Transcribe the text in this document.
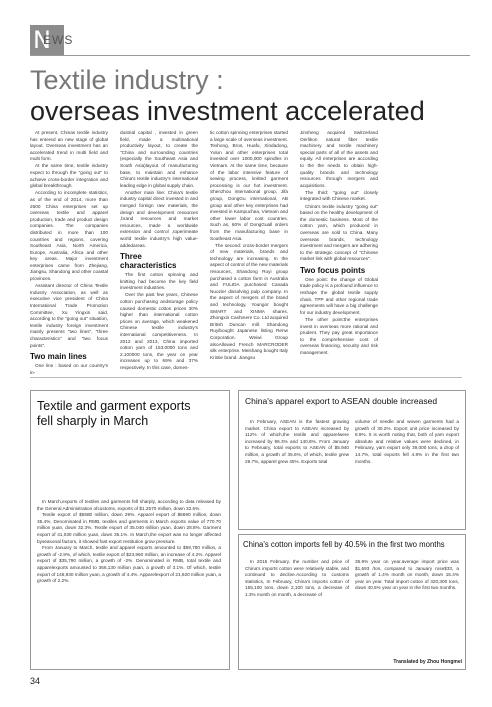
N
EWS
Textile industry :
overseas investment accelerated

At present, Chinas textile industry has entered an new stage of global layout. Overseas investment has an accelerated trend in multi field and multi form.

At the same time, textile industry expect to through the "going out" to achieve cross-border integration and global breakthrough.

According to incomplete statistics, as of the end of 2014, more than 2600 China enterprises set up overseas textile and apparel production, trade and product design companies. The companies distributed in more than 100 countries and regions, covering Southeast Asia, North America, Europe, Australia, Africa and other key areas. Major investment enterprises came from Zhejiang, Jiangsu, Shandong and other coastal provinces.

Assistant director of China Textile Industry Association, as well as executive vice president of China International Trade Promotion Committee, Xu Yingxin said, according to the "going out" situation, textile industry foreign investment mainly presents "two lines", "three characteristics" and "two focus points".

Two main lines

One line : based on our country's in-

dustrial capital , invested in green field, made a multinational productivity layout, to create the "China and surrounding countries (especially the Southeast Asia and South Asia)layout of manufacturing base, to maintain and enhance China's textile industry's international leading edge in global supply chain.

Another main line: China's textile industry capital direct invested in and merged foreign raw materials, the design and development resources ,brand resources and market resources, made a worldwide extension and control ,toperimeate world textile industry's high value-addedareas.

Three characteristics

The first cotton spinning and knitting had become the key field investment industries.

Over the past few years, Chinese cotton purchasing andstorage policy caused domestic cotton prices 30% higher than international cotton prices on average, which weakened Chinese textile industry's international competitiveness. In 2012 and 2013, China imported cotton yarn of 153.0000 tons and 2.100000 tons, the year on year increases up to 69% and 37% respectively. In this case, domes-

tic cotton spinning enterprises started a large scale of overseas investment. Texhong, Bros, Huafu, Xindadong, Yulun and other enterprises total invested over 1000,000 spindles in Vietnam. At the same time, because of the labor intensive feature of sewing process, knitted garment processing is our hot investment. Shenzhou international group, Jifa group, DongGu international, AB group and other key enterprises had invested in Kampuchea, Vietnam and other lower labor cost countries. Such as, 60% of DongGuall orders from the manufacturing base in Southeast Asia.

The second: cross-border mergers of new materials, brands and technology are increasing. In the aspect of control of the new materials resources, Shandong Ruyi group purchased a cotton farm in Australia and FULIDA purchased Canada Nuozier dissolving pulp company. In the aspect of mergers of the brand and technology, Youngor bought SMART and XINMA shares. Zhongxin Cashmere Co. Ltd acquired British Duncan mill. Shandong Ruyibought Japanese listing Renw Corporation. Weiwi Group alsoAllowed French MARCRODER silk enterprise. Meishang bought Italy Kristie brand. Jiangsu

Jinsheng acquired Switzerland Oerlikon natural fiber textile machinery and textile machinery special parts of all of the assets and equity. All enterprises are according to the the needs to obtain high-quality brands and technology resources through mergers and acquisitions.

The third: "going out" closely integrated with Chinese market.

China's textile industry "going out" based on the healthy development of the domestic business. Most of the cotton yarn, which produced in overseas are sold to China. Many overseas brands, technology investment and mergers are adhering to the strategic concept of "Chinese market link with global resources".

Two focus points

One point: the change of Global trade policy is a profound influence to reshape the global textile supply chain, TPP and other regional trade agreements will have a big challenge for our industry development.

The other point:the enterprises invest in overseas more rational and prudent. They pay great importance to the comprehensive cost of overseas financing, security and risk management.

Textile and garment exports
fell sharply in March

In March,exports of textiles and garments fell sharply, according to data released by the General Administration ofcustoms, exports of $1.2570 million, down 32.6%.

Textile export of $5580 million, down 29%. Apparel export of $6690 million, down 35.4%. Denominated in RMB, textiles and garments in March exports value of 770.70 million yuan, down 32.3%. Textile export of 35.040 million yuan, down 28.8%. Garment export of 41,030 million yuan, down 35.1%. In March,the export was no longer affected byseasonal factors, it showed fast export restitution grow pressure.

From January to March, textile and apparel exports amounted to $59,780 million, a growth of -2.9%, of which, textile export of $23,960 million, an increase of 4.2%. Apparel export of $35,790 million, a growth of -2%. Denominated in RMB, total textile and apparelexports amounted to 366,130 million yuan, a growth of 3.1%. Of which, textile export of 146,930 million yuan, a growth of 4.4%. Apparelexport of 21,920 million yuan, a growth of 2.2%.

China's apparel export to ASEAN double increased

In February, ASEAN is the fastest growing market. China export to ASEAN increased by 112% of which,the textile and apparelwere increased by 96.3% and 140.8%. From January to February, total exports to ASEAN of $5.940 million, a growth of 35.6%, of which, textile grew 29.7%, apparel grew 45%. Exports total

volume of needle and woven garments had a growth of 30.2%. Export unit price increased by 8.9%. It is worth noting that, both of yarn export absolute and relative values were declined, in February, yarn export only 39,000 tons, a drop of 14.7%, total exports fell 4.8% in the first two months.

China's cotton imports fell by 40.5% in the first two months

In 2015 February, the number and price of China's imports cotton were relatively stable, and continued to decline.According to customs statistics, In February, China's imports cotton of 155,100 tons, down 2,100 tons, a decrease of 1.3% month on month, a decrease of

35.9% year on year.average import price was $1,693 /ton, compared to January rose$33, a growth of 1.4% month on month, down 15.4% year on year. Total import cotton of 320,300 tons, down 40.5% year on year in the first two months.

Translated by Zhou Hongmei
34
